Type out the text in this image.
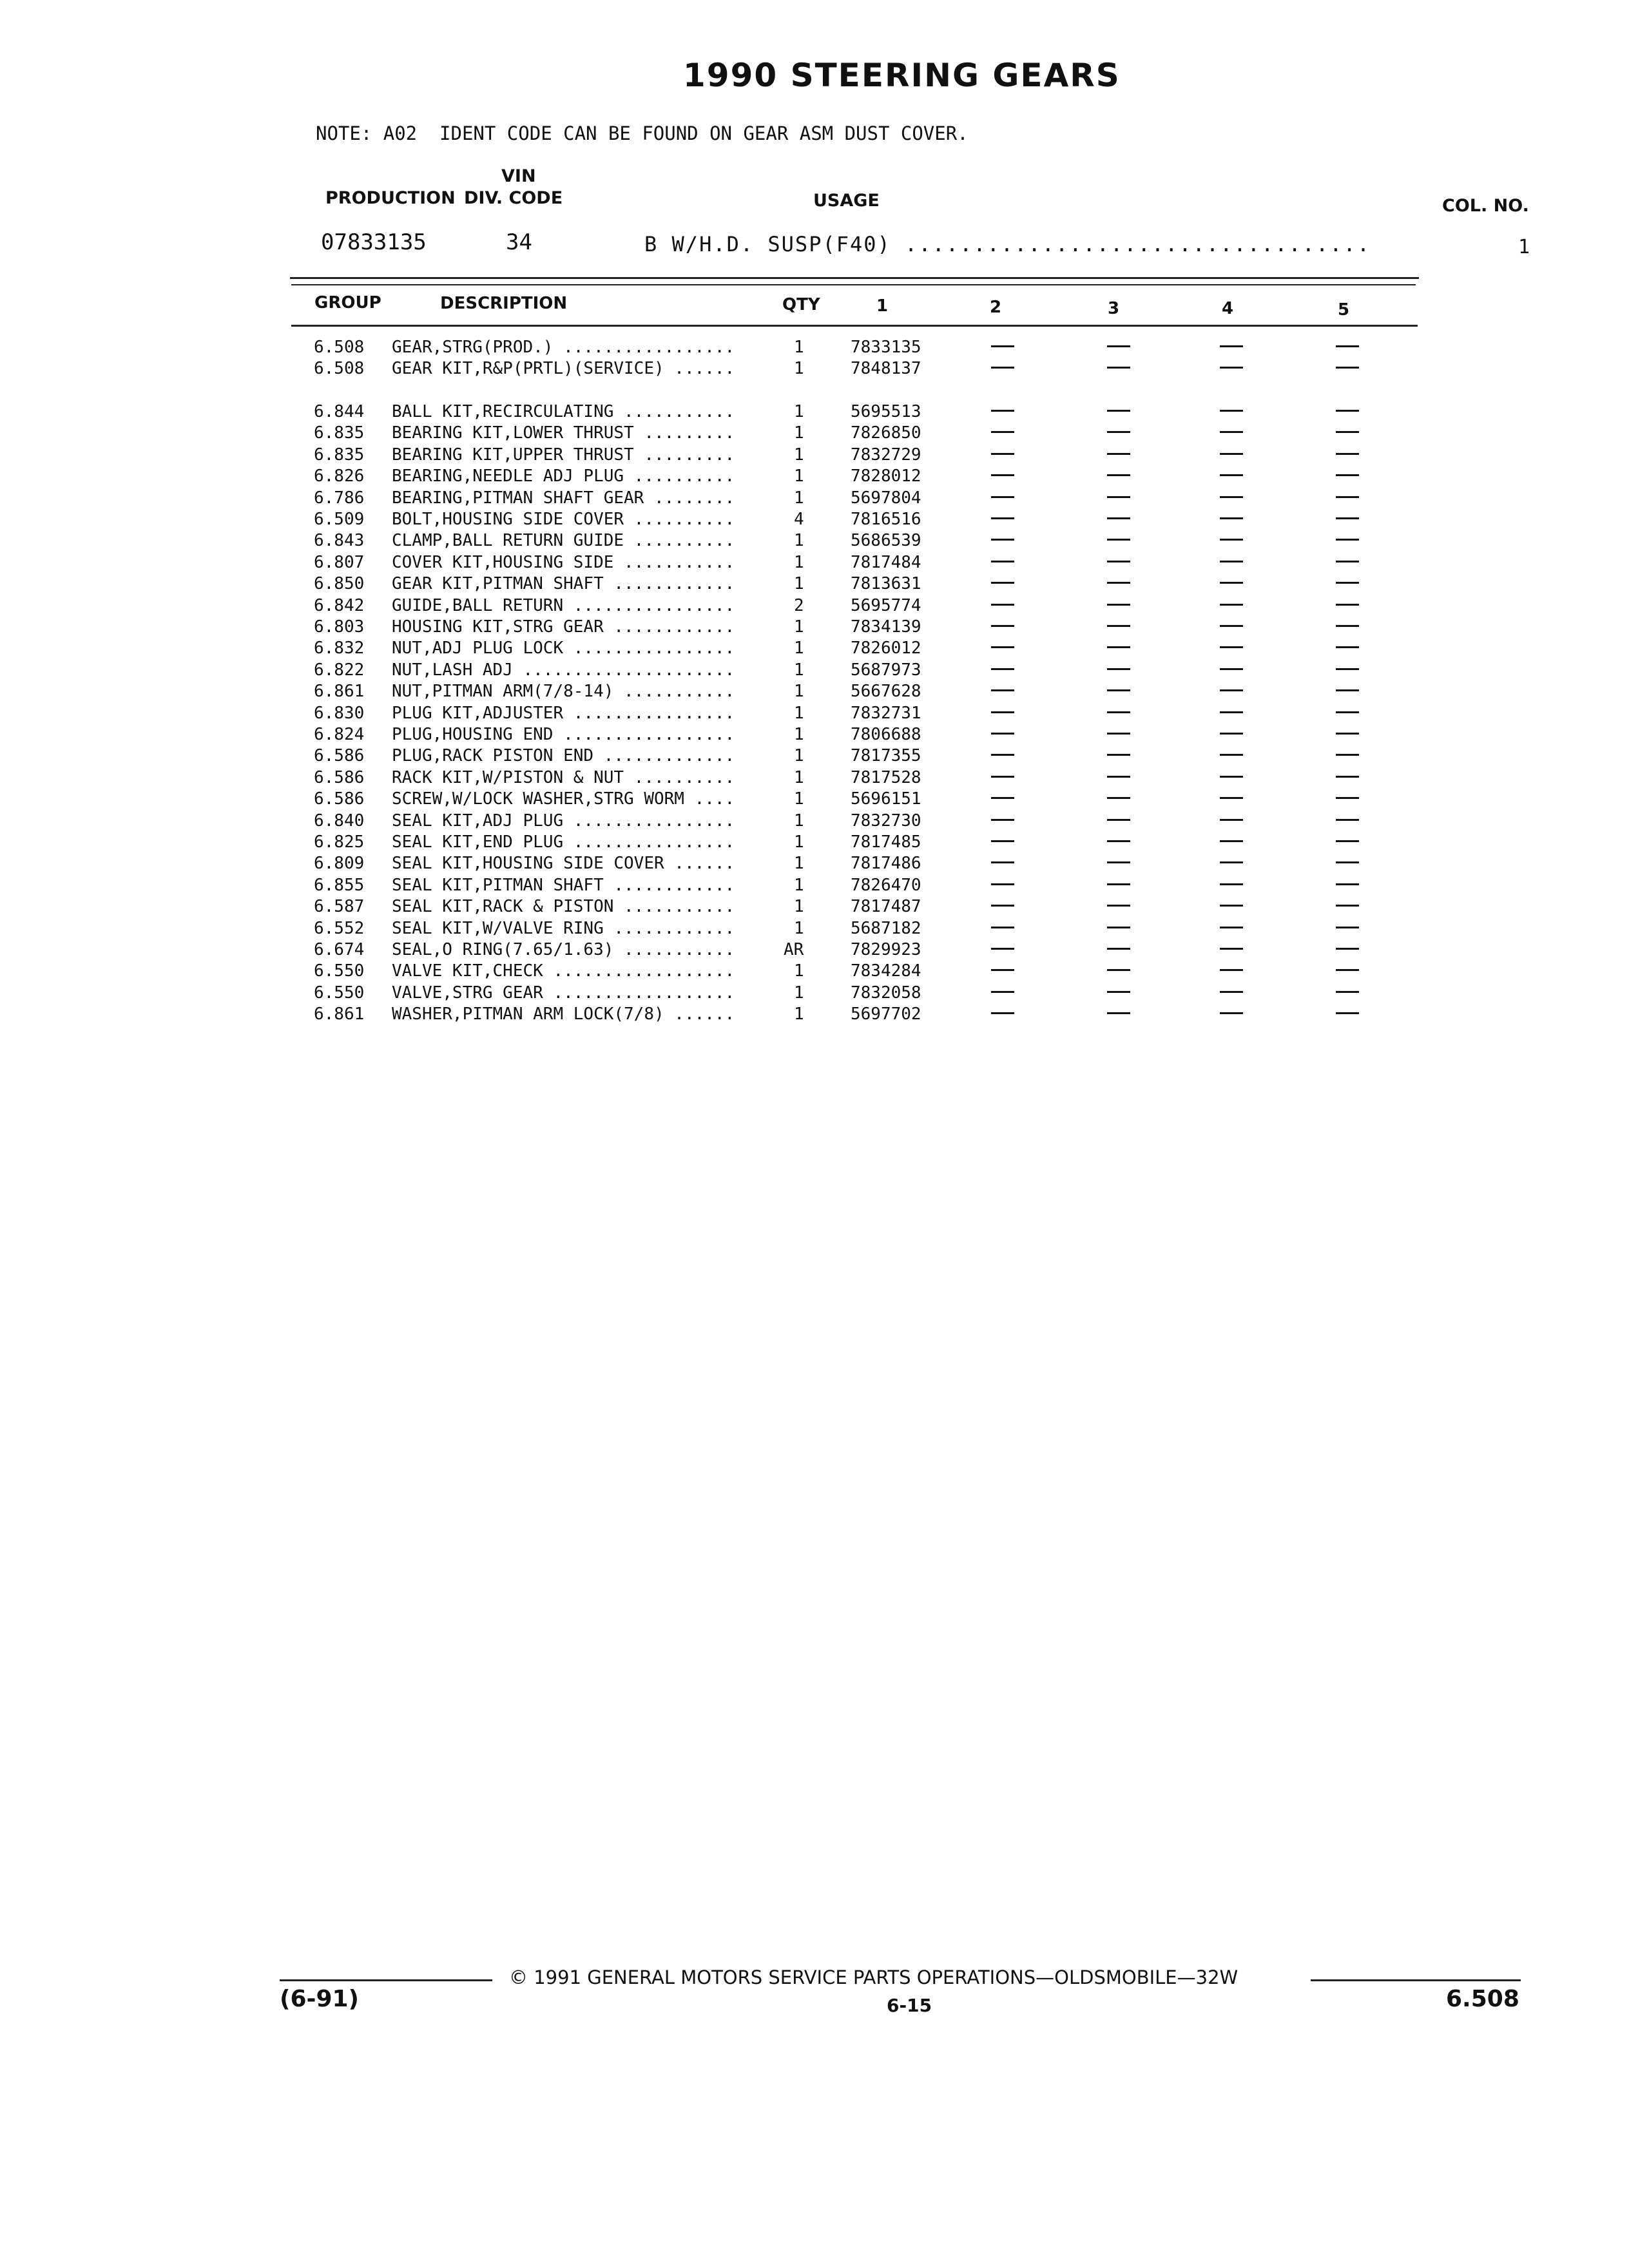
1990 STEERING GEARS
NOTE: A02  IDENT CODE CAN BE FOUND ON GEAR ASM DUST COVER.
VIN
PRODUCTION DIV. CODE	USAGE	COL. NO.
07833135	34	B W/H.D. SUSP(F40) ..................................	1
GROUP	DESCRIPTION	QTY	1	2	3	4	5
6.508 GEAR,STRG(PROD.) .................	1	7833135
6.508 GEAR KIT,R&P(PRTL)(SERVICE) ......	1	7848137
6.844 BALL KIT,RECIRCULATING ...........	1	5695513
6.835 BEARING KIT,LOWER THRUST .........	1	7826850
6.835 BEARING KIT,UPPER THRUST .........	1	7832729
6.826 BEARING,NEEDLE ADJ PLUG ..........	1	7828012
6.786 BEARING,PITMAN SHAFT GEAR ........	1	5697804
6.509 BOLT,HOUSING SIDE COVER ..........	4	7816516
6.843 CLAMP,BALL RETURN GUIDE ..........	1	5686539
6.807 COVER KIT,HOUSING SIDE ...........	1	7817484
6.850 GEAR KIT,PITMAN SHAFT ............	1	7813631
6.842 GUIDE,BALL RETURN ................	2	5695774
6.803 HOUSING KIT,STRG GEAR ............	1	7834139
6.832 NUT,ADJ PLUG LOCK ................	1	7826012
6.822 NUT,LASH ADJ .....................	1	5687973
6.861 NUT,PITMAN ARM(7/8-14) ...........	1	5667628
6.830 PLUG KIT,ADJUSTER ................	1	7832731
6.824 PLUG,HOUSING END .................	1	7806688
6.586 PLUG,RACK PISTON END .............	1	7817355
6.586 RACK KIT,W/PISTON & NUT ..........	1	7817528
6.586 SCREW,W/LOCK WASHER,STRG WORM ....	1	5696151
6.840 SEAL KIT,ADJ PLUG ................	1	7832730
6.825 SEAL KIT,END PLUG ................	1	7817485
6.809 SEAL KIT,HOUSING SIDE COVER ......	1	7817486
6.855 SEAL KIT,PITMAN SHAFT ............	1	7826470
6.587 SEAL KIT,RACK & PISTON ...........	1	7817487
6.552 SEAL KIT,W/VALVE RING ............	1	5687182
6.674 SEAL,O RING(7.65/1.63) ...........	AR	7829923
6.550 VALVE KIT,CHECK ..................	1	7834284
6.550 VALVE,STRG GEAR ..................	1	7832058
6.861 WASHER,PITMAN ARM LOCK(7/8) ......	1	5697702
© 1991 GENERAL MOTORS SERVICE PARTS OPERATIONS—OLDSMOBILE—32W
(6-91)	6-15	6.508
